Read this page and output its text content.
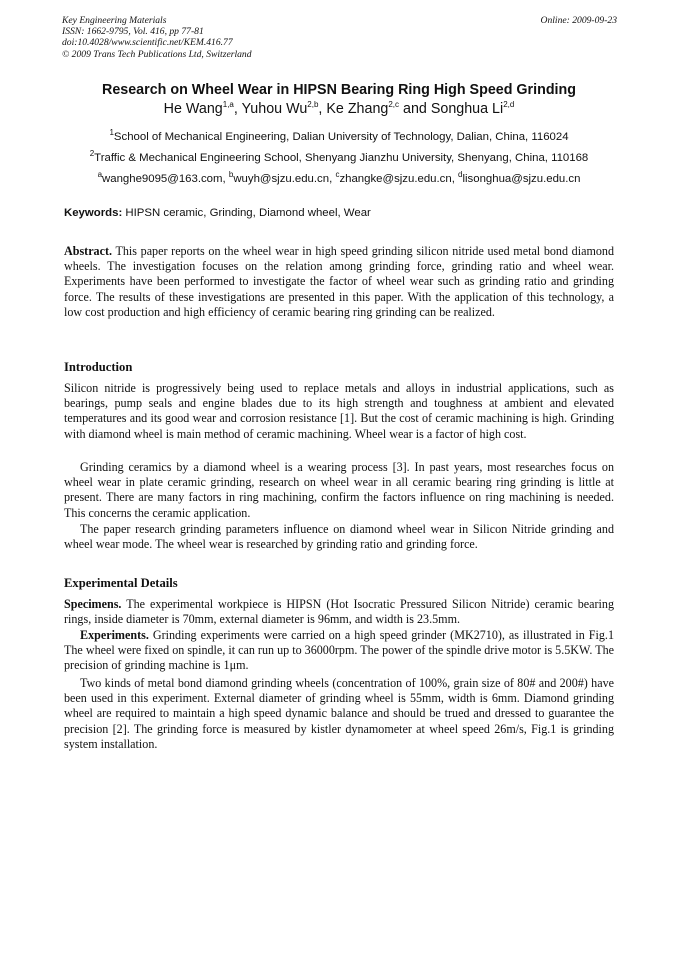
Key Engineering Materials
ISSN: 1662-9795, Vol. 416, pp 77-81
doi:10.4028/www.scientific.net/KEM.416.77
© 2009 Trans Tech Publications Ltd, Switzerland
Online: 2009-09-23
Research on Wheel Wear in HIPSN Bearing Ring High Speed Grinding
He Wang$^{1,a}$, Yuhou Wu$^{2,b}$, Ke Zhang$^{2,c}$ and Songhua Li$^{2,d}$
$^1$School of Mechanical Engineering, Dalian University of Technology, Dalian, China, 116024
$^2$Traffic & Mechanical Engineering School, Shenyang Jianzhu University, Shenyang, China, 110168
$^a$wanghe9095@163.com, $^b$wuyh@sjzu.edu.cn, $^c$zhangke@sjzu.edu.cn, $^d$lisonghua@sjzu.edu.cn
Keywords: HIPSN ceramic, Grinding, Diamond wheel, Wear
Abstract. This paper reports on the wheel wear in high speed grinding silicon nitride used metal bond diamond wheels. The investigation focuses on the relation among grinding force, grinding ratio and wheel wear. Experiments have been performed to investigate the factor of wheel wear such as grinding ratio and grinding force. The results of these investigations are presented in this paper. With the application of this technology, a low cost production and high efficiency of ceramic bearing ring grinding can be realized.
Introduction
Silicon nitride is progressively being used to replace metals and alloys in industrial applications, such as bearings, pump seals and engine blades due to its high strength and toughness at ambient and elevated temperatures and its good wear and corrosion resistance [1]. But the cost of ceramic machining is high. Grinding with diamond wheel is main method of ceramic machining. Wheel wear is a factor of high cost.
Grinding ceramics by a diamond wheel is a wearing process [3]. In past years, most researches focus on wheel wear in plate ceramic grinding, research on wheel wear in all ceramic bearing ring grinding is little at present. There are many factors in ring machining, confirm the factors influence on ring machining is needed. This concerns the ceramic application.
The paper research grinding parameters influence on diamond wheel wear in Silicon Nitride grinding and wheel wear mode. The wheel wear is researched by grinding ratio and grinding force.
Experimental Details
Specimens. The experimental workpiece is HIPSN (Hot Isocratic Pressured Silicon Nitride) ceramic bearing rings, inside diameter is 70mm, external diameter is 96mm, and width is 23.5mm.
Experiments. Grinding experiments were carried on a high speed grinder (MK2710), as illustrated in Fig.1 The wheel were fixed on spindle, it can run up to 36000rpm. The power of the spindle drive motor is 5.5KW. The precision of grinding machine is 1μm.
Two kinds of metal bond diamond grinding wheels (concentration of 100%, grain size of 80# and 200#) have been used in this experiment. External diameter of grinding wheel is 55mm, width is 6mm. Diamond grinding wheel are required to maintain a high speed dynamic balance and should be trued and dressed to guarantee the precision [2]. The grinding force is measured by kistler dynamometer at wheel speed 26m/s, Fig.1 is grinding system installation.
